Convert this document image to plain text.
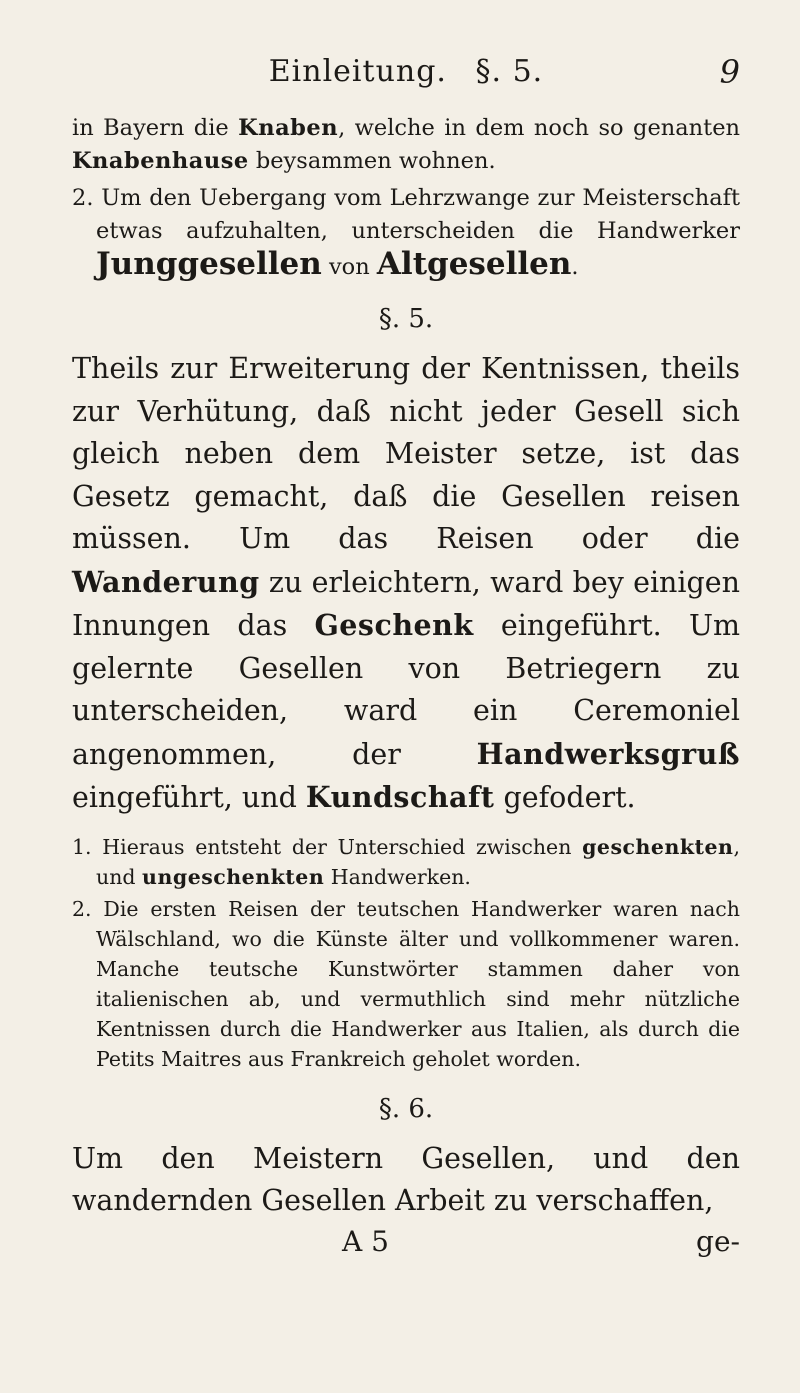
Einleitung. §. 5.	9

in Bayern die Knaben, welche in dem noch so genanten Knabenhause beysammen wohnen.

2. Um den Uebergang vom Lehrzwange zur Meisterschaft etwas aufzuhalten, unterscheiden die Handwerker Junggesellen von Altgesellen.

§. 5.

Theils zur Erweiterung der Kentnissen, theils zur Verhütung, daß nicht jeder Gesell sich gleich neben dem Meister setze, ist das Gesetz gemacht, daß die Gesellen reisen müssen. Um das Reisen oder die Wanderung zu erleichtern, ward bey einigen Innungen das Geschenk eingeführt. Um gelernte Gesellen von Betriegern zu unterscheiden, ward ein Ceremoniel angenommen, der Handwerksgruß eingeführt, und Kundschaft gefodert.

1. Hieraus entsteht der Unterschied zwischen geschenkten, und ungeschenkten Handwerken.

2. Die ersten Reisen der teutschen Handwerker waren nach Wälschland, wo die Künste älter und vollkommener waren. Manche teutsche Kunstwörter stammen daher von italienischen ab, und vermuthlich sind mehr nützliche Kentnissen durch die Handwerker aus Italien, als durch die Petits Maitres aus Frankreich geholet worden.

§. 6.

Um den Meistern Gesellen, und den wandernden Gesellen Arbeit zu verschaffen,

A 5	ge-
